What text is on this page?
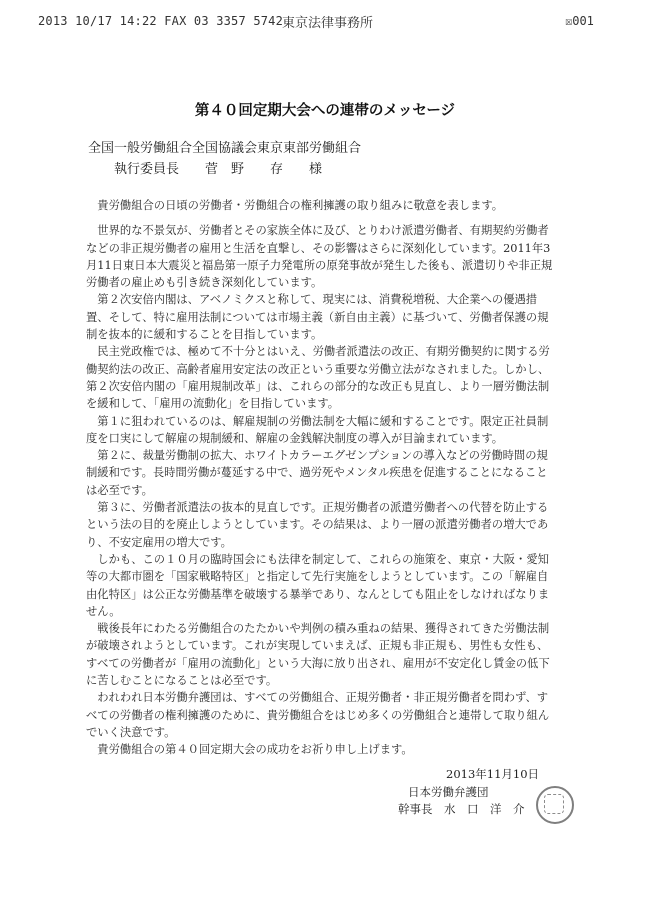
2013 10/17 14:22 FAX 03 3357 5742
東京法律事務所	☒001
第４０回定期大会への連帯のメッセージ
全国一般労働組合全国協議会東京東部労働組合
執行委員長　　菅　野　　存　　様

貴労働組合の日頃の労働者・労働組合の権利擁護の取り組みに敬意を表します。

世界的な不景気が、労働者とその家族全体に及び、とりわけ派遣労働者、有期契約労働者などの非正規労働者の雇用と生活を直撃し、その影響はさらに深刻化しています。2011年3月11日東日本大震災と福島第一原子力発電所の原発事故が発生した後も、派遣切りや非正規労働者の雇止めも引き続き深刻化しています。

第２次安倍内閣は、アベノミクスと称して、現実には、消費税増税、大企業への優遇措置、そして、特に雇用法制については市場主義（新自由主義）に基づいて、労働者保護の規制を抜本的に緩和することを目指しています。

民主党政権では、極めて不十分とはいえ、労働者派遣法の改正、有期労働契約に関する労働契約法の改正、高齢者雇用安定法の改正という重要な労働立法がなされました。しかし、第２次安倍内閣の「雇用規制改革」は、これらの部分的な改正も見直し、より一層労働法制を緩和して、「雇用の流動化」を目指しています。

第１に狙われているのは、解雇規制の労働法制を大幅に緩和することです。限定正社員制度を口実にして解雇の規制緩和、解雇の金銭解決制度の導入が目論まれています。

第２に、裁量労働制の拡大、ホワイトカラーエグゼンプションの導入などの労働時間の規制緩和です。長時間労働が蔓延する中で、過労死やメンタル疾患を促進することになることは必至です。

第３に、労働者派遣法の抜本的見直しです。正規労働者の派遣労働者への代替を防止するという法の目的を廃止しようとしています。その結果は、より一層の派遣労働者の増大であり、不安定雇用の増大です。

しかも、この１０月の臨時国会にも法律を制定して、これらの施策を、東京・大阪・愛知等の大都市圏を「国家戦略特区」と指定して先行実施をしようとしています。この「解雇自由化特区」は公正な労働基準を破壊する暴挙であり、なんとしても阻止をしなければなりません。

戦後長年にわたる労働組合のたたかいや判例の積み重ねの結果、獲得されてきた労働法制が破壊されようとしています。これが実現していまえば、正規も非正規も、男性も女性も、すべての労働者が「雇用の流動化」という大海に放り出され、雇用が不安定化し賃金の低下に苦しむことになることは必至です。

われわれ日本労働弁護団は、すべての労働組合、正規労働者・非正規労働者を問わず、すべての労働者の権利擁護のために、貴労働組合をはじめ多くの労働組合と連帯して取り組んでいく決意です。

貴労働組合の第４０回定期大会の成功をお祈り申し上げます。

2013年11月10日
日本労働弁護団
幹事長　水　口　洋　介
